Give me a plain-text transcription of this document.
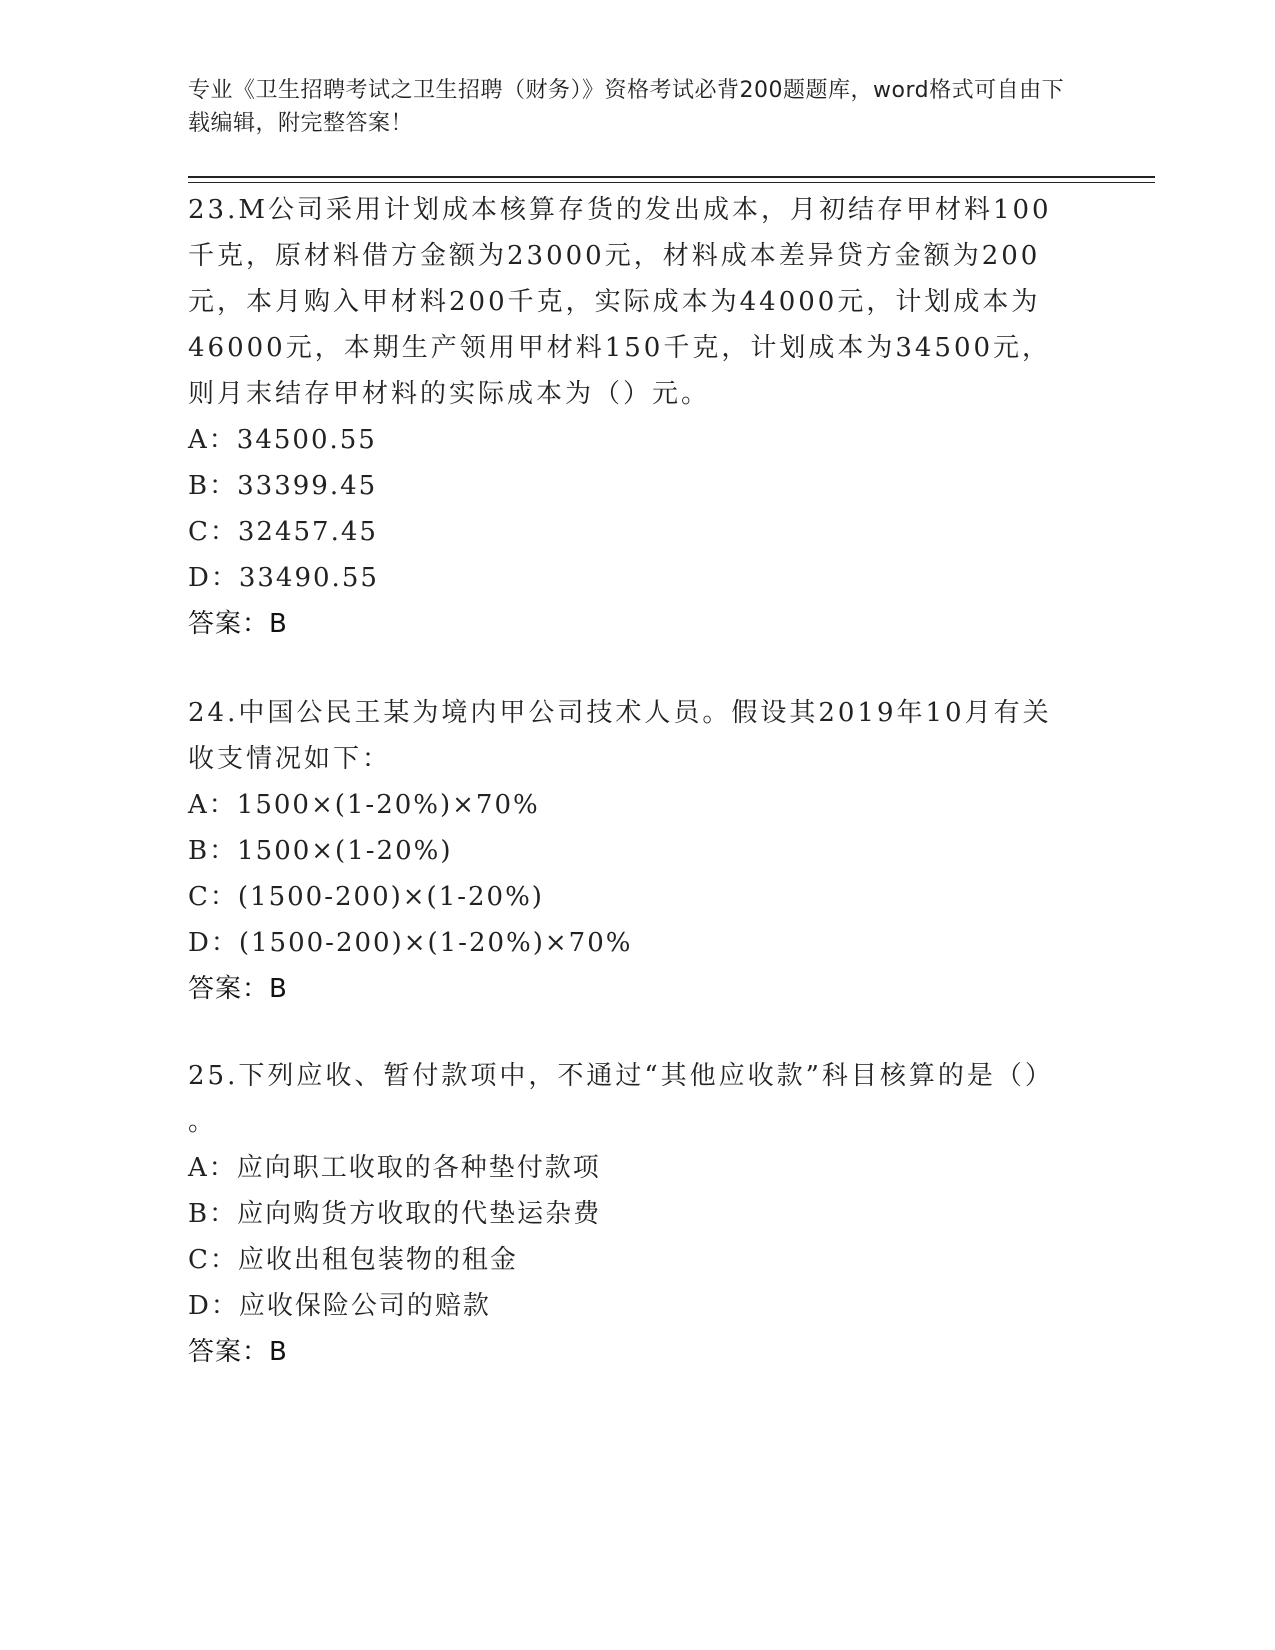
专业《卫生招聘考试之卫生招聘（财务）》资格考试必背200题题库，word格式可自由下载编辑，附完整答案！

23.M公司采用计划成本核算存货的发出成本，月初结存甲材料100千克，原材料借方金额为23000元，材料成本差异贷方金额为200元，本月购入甲材料200千克，实际成本为44000元，计划成本为46000元，本期生产领用甲材料150千克，计划成本为34500元，则月末结存甲材料的实际成本为（）元。

A：34500.55
B：33399.45
C：32457.45
D：33490.55
答案：B

24.中国公民王某为境内甲公司技术人员。假设其2019年10月有关收支情况如下：

A：1500×(1-20%)×70%
B：1500×(1-20%)
C：(1500-200)×(1-20%)
D：(1500-200)×(1-20%)×70%
答案：B

25.下列应收、暂付款项中，不通过“其他应收款”科目核算的是（）

。
A：应向职工收取的各种垫付款项
B：应向购货方收取的代垫运杂费
C：应收出租包装物的租金
D：应收保险公司的赔款
答案：B
